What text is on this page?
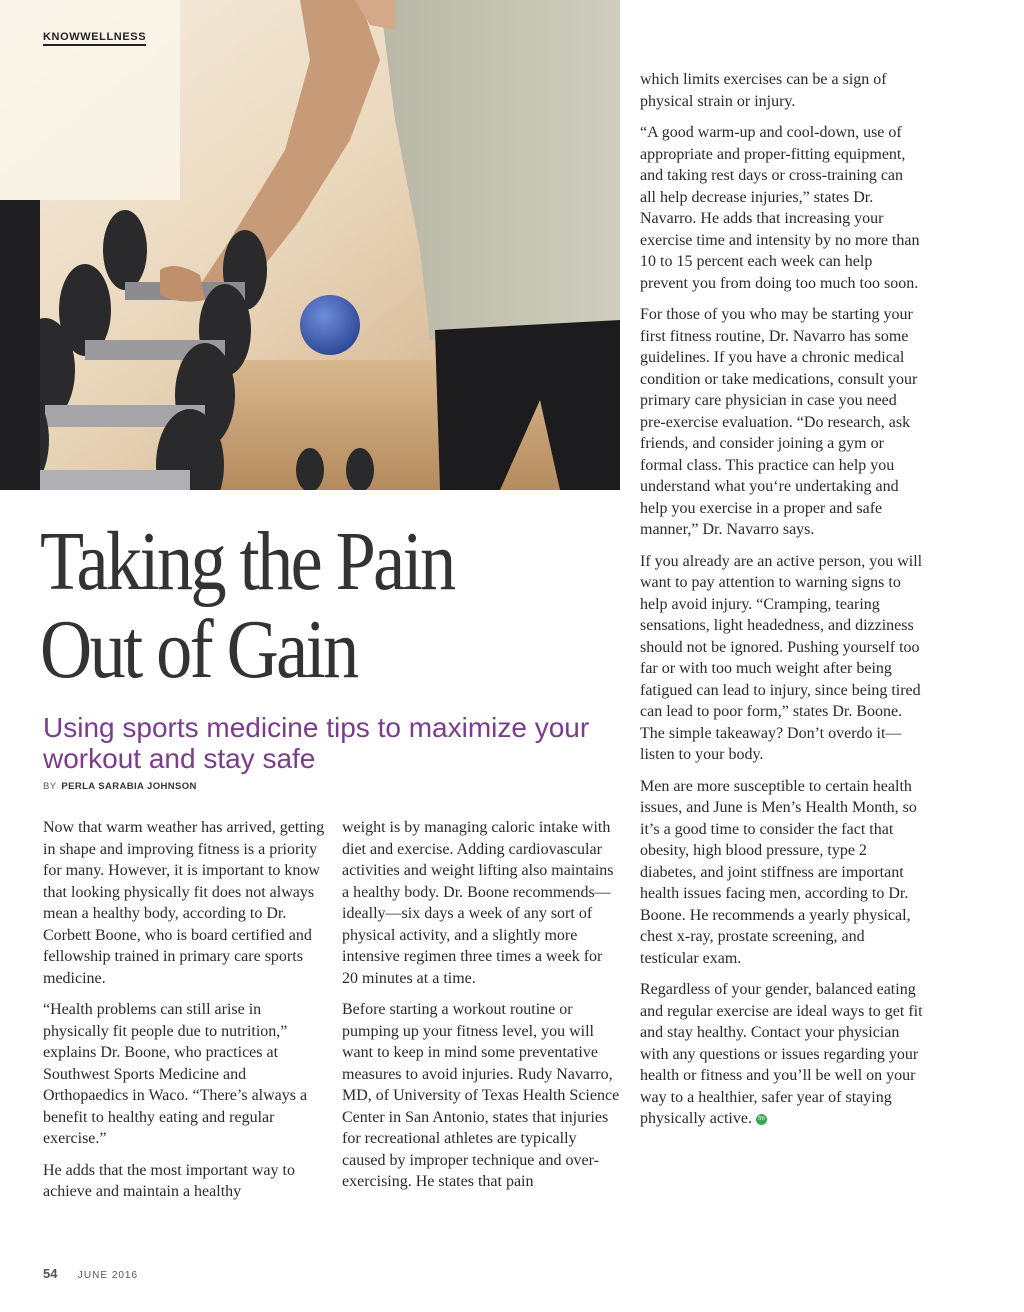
KNOWWELLNESS
Taking the Pain
Out of Gain
Using sports medicine tips to maximize your workout and stay safe
BY PERLA SARABIA JOHNSON

Now that warm weather has arrived, getting in shape and improving fitness is a priority for many. However, it is important to know that looking physically fit does not always mean a healthy body, according to Dr. Corbett Boone, who is board certified and fellowship trained in primary care sports medicine.

“Health problems can still arise in physically fit people due to nutrition,” explains Dr. Boone, who practices at Southwest Sports Medicine and Orthopaedics in Waco. “There’s always a benefit to healthy eating and regular exercise.”

He adds that the most important way to achieve and maintain a healthy

weight is by managing caloric intake with diet and exercise. Adding cardiovascular activities and weight lifting also maintains a healthy body. Dr. Boone recommends—ideally—six days a week of any sort of physical activity, and a slightly more intensive regimen three times a week for 20 minutes at a time.

Before starting a workout routine or pumping up your fitness level, you will want to keep in mind some preventative measures to avoid injuries. Rudy Navarro, MD, of University of Texas Health Science Center in San Antonio, states that injuries for recreational athletes are typically caused by improper technique and over-exercising. He states that pain

which limits exercises can be a sign of physical strain or injury.

“A good warm-up and cool-down, use of appropriate and proper-fitting equipment, and taking rest days or cross-training can all help decrease injuries,” states Dr. Navarro. He adds that increasing your exercise time and intensity by no more than 10 to 15 percent each week can help prevent you from doing too much too soon.

For those of you who may be starting your first fitness routine, Dr. Navarro has some guidelines. If you have a chronic medical condition or take medications, consult your primary care physician in case you need pre-exercise evaluation. “Do research, ask friends, and consider joining a gym or formal class. This practice can help you understand what you‘re undertaking and help you exercise in a proper and safe manner,” Dr. Navarro says.

If you already are an active person, you will want to pay attention to warning signs to help avoid injury. “Cramping, tearing sensations, light headedness, and dizziness should not be ignored. Pushing yourself too far or with too much weight after being fatigued can lead to injury, since being tired can lead to poor form,” states Dr. Boone. The simple takeaway? Don’t overdo it—listen to your body.

Men are more susceptible to certain health issues, and June is Men’s Health Month, so it’s a good time to consider the fact that obesity, high blood pressure, type 2 diabetes, and joint stiffness are important health issues facing men, according to Dr. Boone. He recommends a yearly physical, chest x-ray, prostate screening, and testicular exam.

Regardless of your gender, balanced eating and regular exercise are ideal ways to get fit and stay healthy. Contact your physician with any questions or issues regarding your health or fitness and you’ll be well on your way to a healthier, safer year of staying physically active. fm

54 JUNE 2016
